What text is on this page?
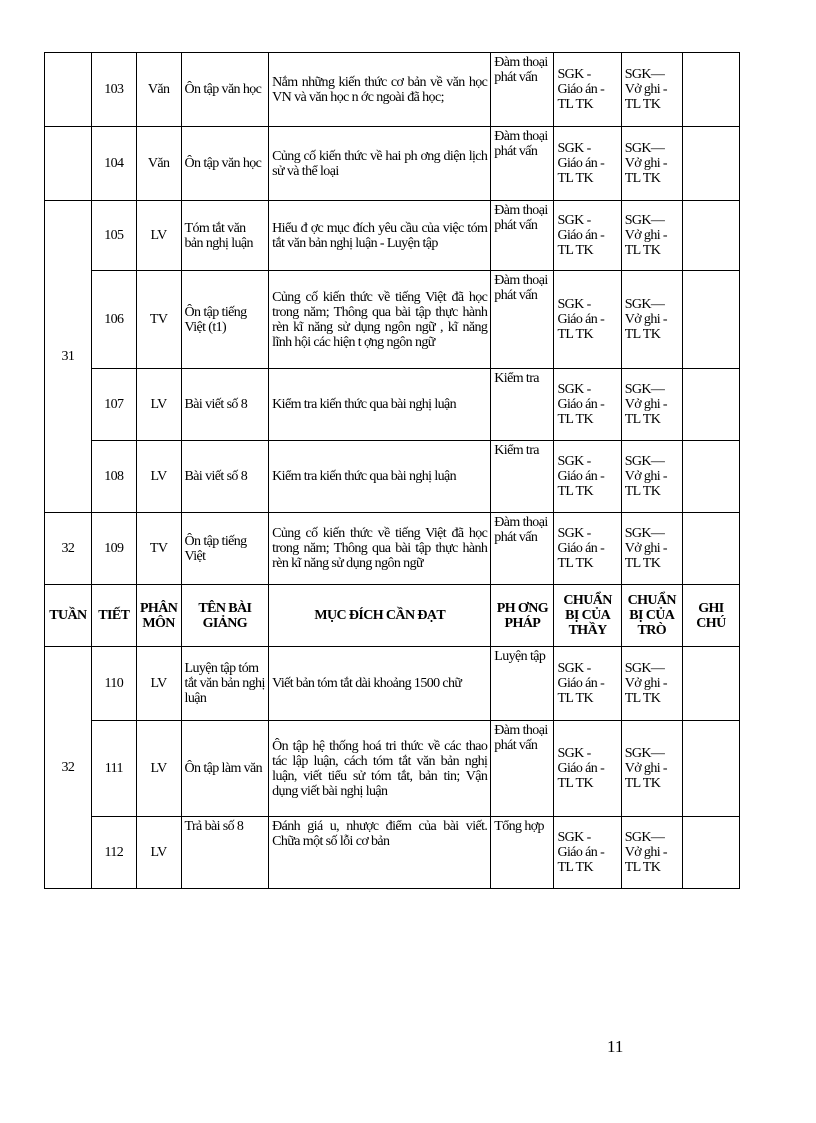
	103	Văn	Ôn tập văn học	Nắm những kiến thức cơ bản về văn học VN và văn học n ớc ngoài đã học;	Đàm thoại phát vấn	SGK - Giáo án - TL TK	SGK— Vở ghi - TL TK	
	104	Văn	Ôn tập văn học	Củng cố kiến thức về hai ph ơng diện lịch sử và thể loại	Đàm thoại phát vấn	SGK - Giáo án - TL TK	SGK— Vở ghi - TL TK	
31	105	LV	Tóm tắt văn bản nghị luận	Hiểu đ ợc mục đích yêu cầu của việc tóm tắt văn bản nghị luận - Luyện tập	Đàm thoại phát vấn	SGK - Giáo án - TL TK	SGK— Vở ghi - TL TK	
	106	TV	Ôn tập tiếng Việt (t1)	Củng cố kiến thức về tiếng Việt đã học trong năm; Thông qua bài tập thực hành rèn kĩ năng sử dụng ngôn ngữ , kĩ năng lĩnh hội các hiện t ợng ngôn ngữ	Đàm thoại phát vấn	SGK - Giáo án - TL TK	SGK— Vở ghi - TL TK	
	107	LV	Bài viết số 8	Kiểm tra kiến thức qua bài nghị luận	Kiểm tra	SGK - Giáo án - TL TK	SGK— Vở ghi - TL TK	
	108	LV	Bài viết số 8	Kiểm tra kiến thức qua bài nghị luận	Kiểm tra	SGK - Giáo án - TL TK	SGK— Vở ghi - TL TK	
32	109	TV	Ôn tập tiếng Việt	Củng cố kiến thức về tiếng Việt đã học trong năm; Thông qua bài tập thực hành rèn kĩ năng sử dụng ngôn ngữ	Đàm thoại phát vấn	SGK - Giáo án - TL TK	SGK— Vở ghi - TL TK	
TUẦN	TIẾT	PHÂN MÔN	TÊN BÀI GIẢNG	MỤC ĐÍCH CẦN ĐẠT	PH ƠNG PHÁP	CHUẨN BỊ CỦA THẦY	CHUẨN BỊ CỦA TRÒ	GHI CHÚ
32	110	LV	Luyện tập tóm tắt văn bản nghị luận	Viết bản tóm tắt dài khoảng 1500 chữ	Luyện tập	SGK - Giáo án - TL TK	SGK— Vở ghi - TL TK	
	111	LV	Ôn tập làm văn	Ôn tập hệ thống hoá tri thức về các thao tác lập luận, cách tóm tắt văn bản nghị luận, viết tiểu sử tóm tắt, bản tin; Vận dụng viết bài nghị luận	Đàm thoại phát vấn	SGK - Giáo án - TL TK	SGK— Vở ghi - TL TK	
	112	LV	Trả bài số 8	Đánh giá u, nhược điểm của bài viết. Chữa một số lỗi cơ bản	Tổng hợp	SGK - Giáo án - TL TK	SGK— Vở ghi - TL TK	
11
